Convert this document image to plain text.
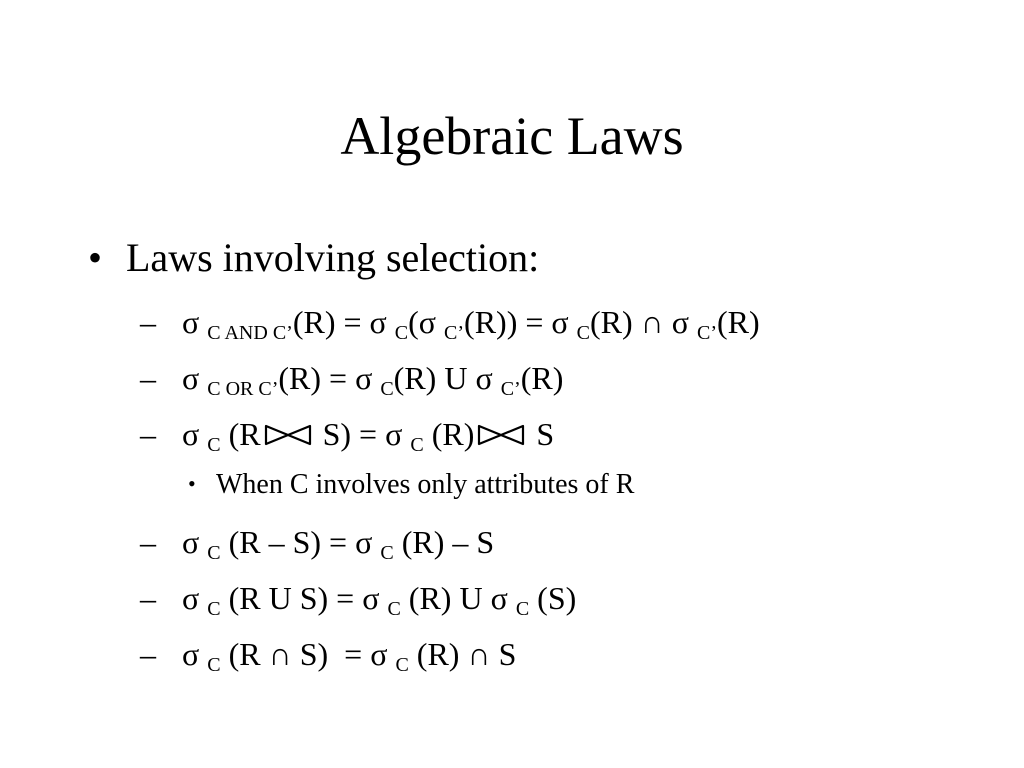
Algebraic Laws
• Laws involving selection:
– σ $_{C AND C’}$(R) = σ $_C$(σ $_{C’}$(R)) = σ $_C$(R) ∩ σ $_{C’}$(R)
– σ $_{C OR C’}$(R) = σ $_C$(R) U σ $_{C’}$(R)
– σ $_C$ (R S) = σ $_C$ (R) S
• When C involves only attributes of R
– σ $_C$ (R – S) = σ $_C$ (R) – S
– σ $_C$ (R U S) = σ $_C$ (R) U σ $_C$ (S)
– σ $_C$ (R ∩ S)  = σ $_C$ (R) ∩ S
